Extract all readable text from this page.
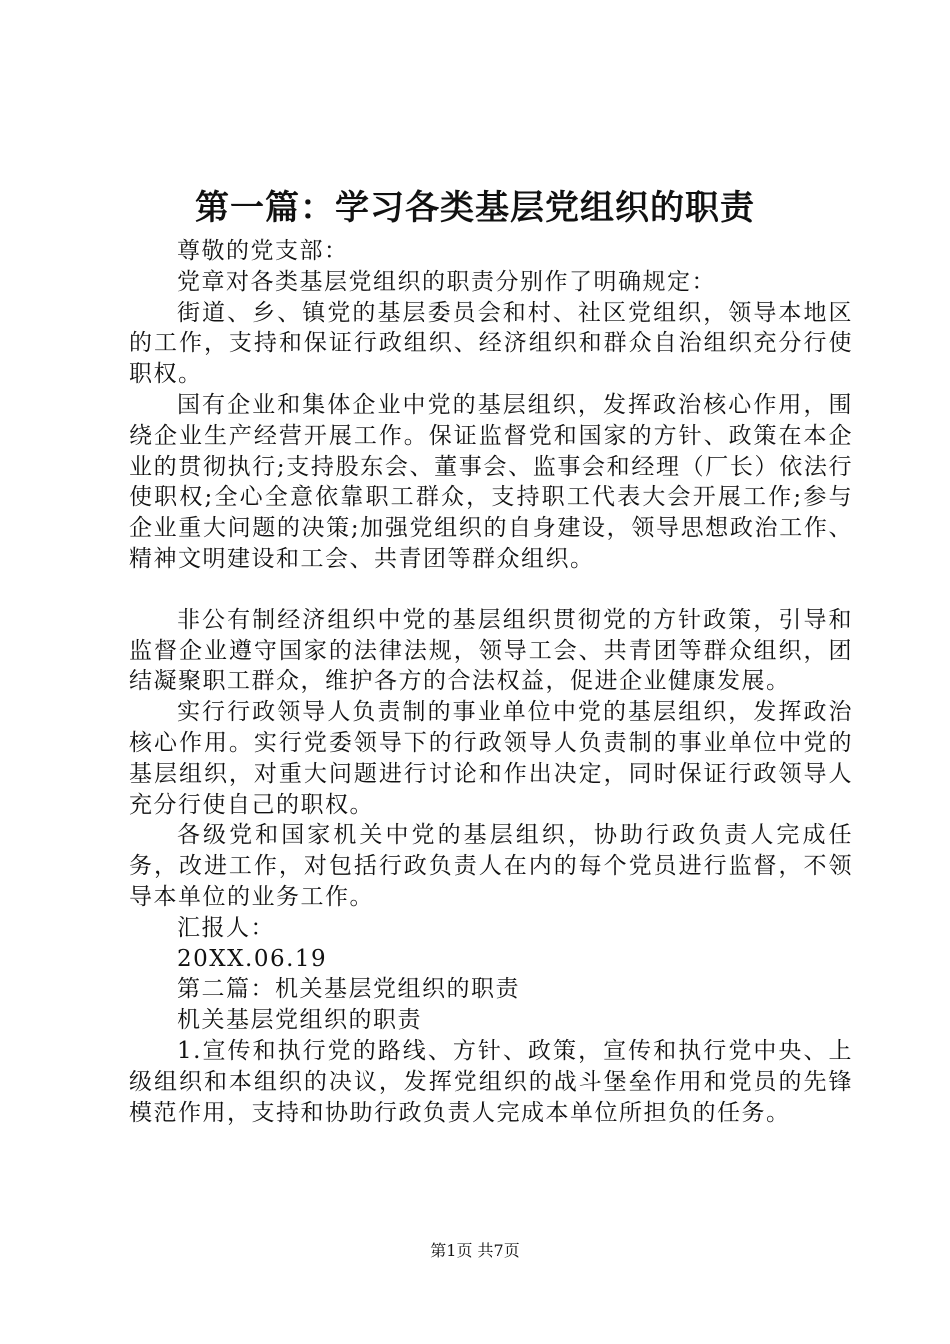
第一篇：学习各类基层党组织的职责

尊敬的党支部：

党章对各类基层党组织的职责分别作了明确规定：

街道、乡、镇党的基层委员会和村、社区党组织，领导本地区的工作，支持和保证行政组织、经济组织和群众自治组织充分行使职权。

国有企业和集体企业中党的基层组织，发挥政治核心作用，围绕企业生产经营开展工作。保证监督党和国家的方针、政策在本企业的贯彻执行;支持股东会、董事会、监事会和经理（厂长）依法行使职权;全心全意依靠职工群众，支持职工代表大会开展工作;参与企业重大问题的决策;加强党组织的自身建设，领导思想政治工作、精神文明建设和工会、共青团等群众组织。

非公有制经济组织中党的基层组织贯彻党的方针政策，引导和监督企业遵守国家的法律法规，领导工会、共青团等群众组织，团结凝聚职工群众，维护各方的合法权益，促进企业健康发展。

实行行政领导人负责制的事业单位中党的基层组织，发挥政治核心作用。实行党委领导下的行政领导人负责制的事业单位中党的基层组织，对重大问题进行讨论和作出决定，同时保证行政领导人充分行使自己的职权。

各级党和国家机关中党的基层组织，协助行政负责人完成任务，改进工作，对包括行政负责人在内的每个党员进行监督，不领导本单位的业务工作。

汇报人：

20XX.06.19

第二篇：机关基层党组织的职责

机关基层党组织的职责

1.宣传和执行党的路线、方针、政策，宣传和执行党中央、上级组织和本组织的决议，发挥党组织的战斗堡垒作用和党员的先锋模范作用，支持和协助行政负责人完成本单位所担负的任务。

第1页 共7页
